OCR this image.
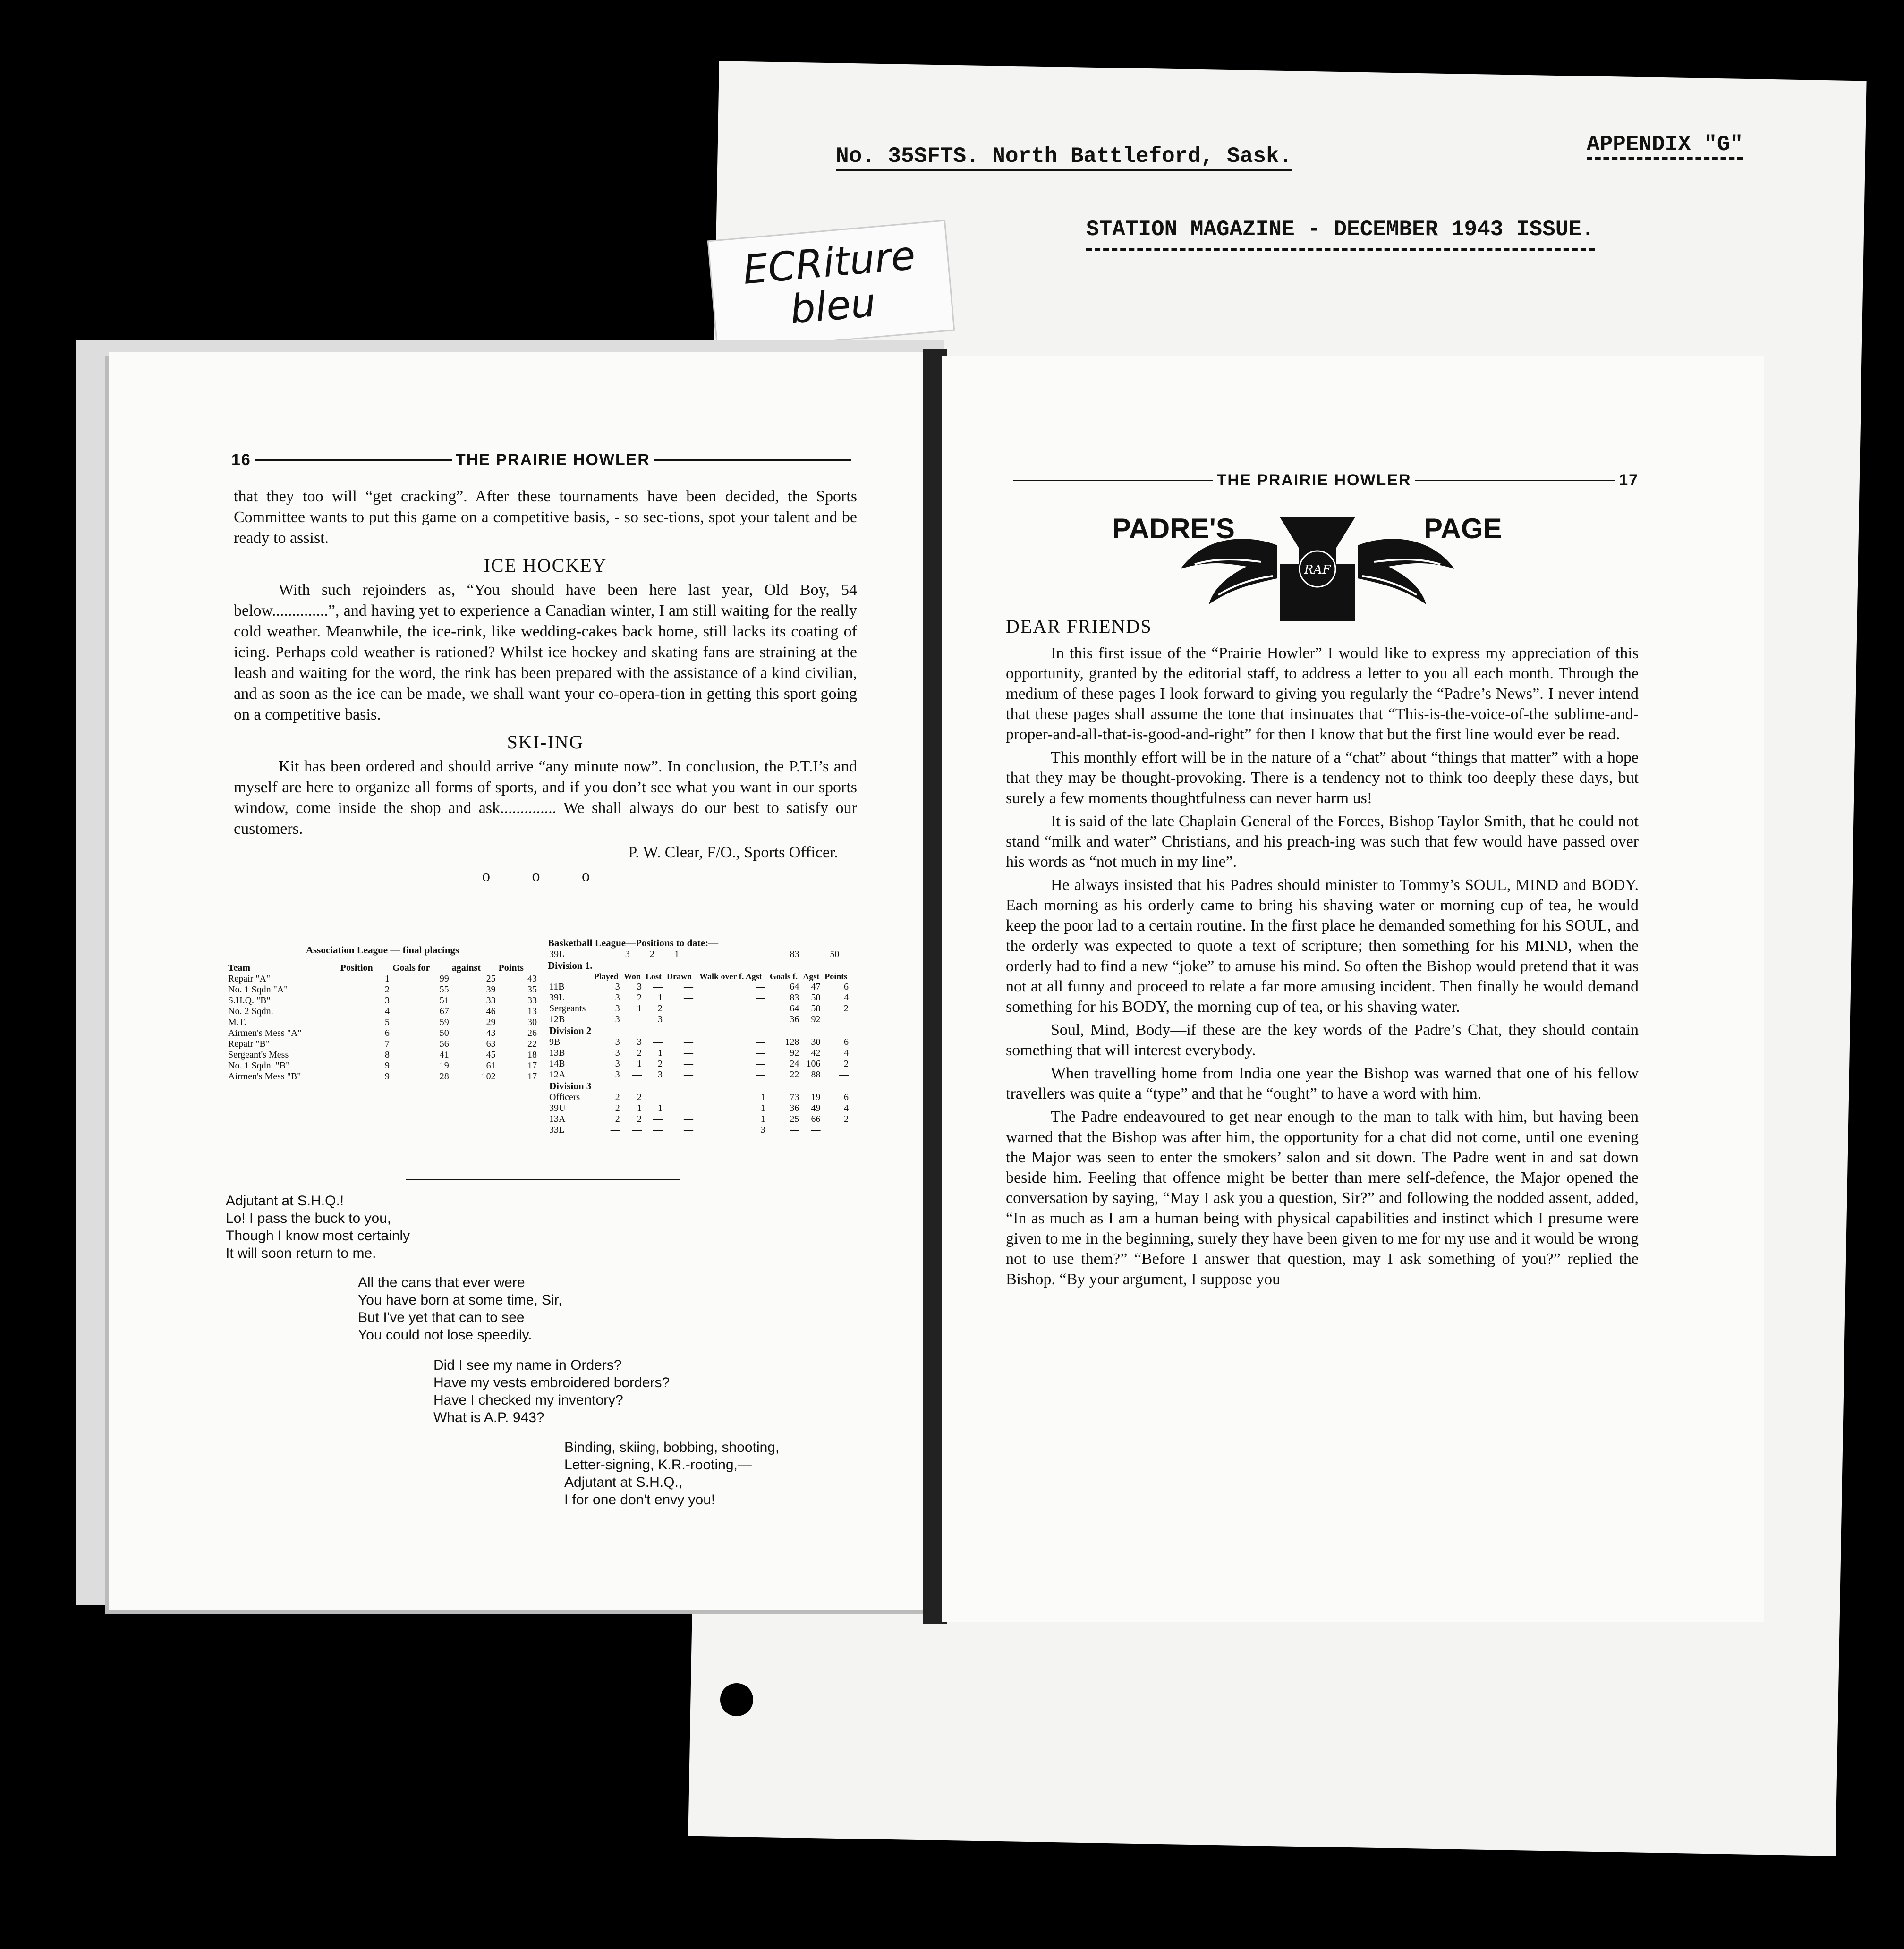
No. 35SFTS. North Battleford, Sask.	APPENDIX "G"
STATION MAGAZINE - DECEMBER 1943 ISSUE.
ECRiture
bleu
16	THE PRAIRIE HOWLER

that they too will “get cracking”. After these tournaments have been decided, the Sports Committee wants to put this game on a competitive basis, - so sec-tions, spot your talent and be ready to assist.

ICE HOCKEY

With such rejoinders as, “You should have been here last year, Old Boy, 54 below..............”, and having yet to experience a Canadian winter, I am still waiting for the really cold weather. Meanwhile, the ice-rink, like wedding-cakes back home, still lacks its coating of icing. Perhaps cold weather is rationed? Whilst ice hockey and skating fans are straining at the leash and waiting for the word, the rink has been prepared with the assistance of a kind civilian, and as soon as the ice can be made, we shall want your co-opera-tion in getting this sport going on a competitive basis.

SKI-ING

Kit has been ordered and should arrive “any minute now”. In conclusion, the P.T.I’s and myself are here to organize all forms of sports, and if you don’t see what you want in our sports window, come inside the shop and ask.............. We shall always do our best to satisfy our customers.

P. W. Clear, F/O., Sports Officer.
o o o
Association League — final placings
Team	Position	Goals for	against	Points
Repair "A"	1	99	25	43
No. 1 Sqdn "A"	2	55	39	35
S.H.Q. "B"	3	51	33	33
No. 2 Sqdn.	4	67	46	13
M.T.	5	59	29	30
Airmen's Mess "A"	6	50	43	26
Repair "B"	7	56	63	22
Sergeant's Mess	8	41	45	18
No. 1 Sqdn. "B"	9	19	61	17
Airmen's Mess "B"	9	28	102	17
Basketball League—Positions to date:—
39L	3	2	1	—	—	83	50	
Division 1.
	Played	Won	Lost	Drawn	Walk over f. Agst	Goals f.	Agst	Points
11B	3	3	—	—	—	64	47	6
39L	3	2	1	—	—	83	50	4
Sergeants	3	1	2	—	—	64	58	2
12B	3	—	3	—	—	36	92	—
Division 2								
9B	3	3	—	—	—	128	30	6
13B	3	2	1	—	—	92	42	4
14B	3	1	2	—	—	24	106	2
12A	3	—	3	—	—	22	88	—
Division 3								
Officers	2	2	—	—	1	73	19	6
39U	2	1	1	—	1	36	49	4
13A	2	2	—	—	1	25	66	2
33L	—	—	—	—	3	—	—	
Adjutant at S.H.Q.!
Lo! I pass the buck to you,
Though I know most certainly
It will soon return to me.
All the cans that ever were
You have born at some time, Sir,
But I've yet that can to see
You could not lose speedily.
Did I see my name in Orders?
Have my vests embroidered borders?
Have I checked my inventory?
What is A.P. 943?
Binding, skiing, bobbing, shooting,
Letter-signing, K.R.-rooting,—
Adjutant at S.H.Q.,
I for one don't envy you!
THE PRAIRIE HOWLER	17
PADRE'S	PAGE
RAF
DEAR FRIENDS

In this first issue of the “Prairie Howler” I would like to express my appreciation of this opportunity, granted by the editorial staff, to address a letter to you all each month. Through the medium of these pages I look forward to giving you regularly the “Padre’s News”. I never intend that these pages shall assume the tone that insinuates that “This-is-the-voice-of-the sublime-and-proper-and-all-that-is-good-and-right” for then I know that but the first line would ever be read.

This monthly effort will be in the nature of a “chat” about “things that matter” with a hope that they may be thought-provoking. There is a tendency not to think too deeply these days, but surely a few moments thoughtfulness can never harm us!

It is said of the late Chaplain General of the Forces, Bishop Taylor Smith, that he could not stand “milk and water” Christians, and his preach-ing was such that few would have passed over his words as “not much in my line”.

He always insisted that his Padres should minister to Tommy’s SOUL, MIND and BODY. Each morning as his orderly came to bring his shaving water or morning cup of tea, he would keep the poor lad to a certain routine. In the first place he demanded something for his SOUL, and the orderly was expected to quote a text of scripture; then something for his MIND, when the orderly had to find a new “joke” to amuse his mind. So often the Bishop would pretend that it was not at all funny and proceed to relate a far more amusing incident. Then finally he would demand something for his BODY, the morning cup of tea, or his shaving water.

Soul, Mind, Body—if these are the key words of the Padre’s Chat, they should contain something that will interest everybody.

When travelling home from India one year the Bishop was warned that one of his fellow travellers was quite a “type” and that he “ought” to have a word with him.

The Padre endeavoured to get near enough to the man to talk with him, but having been warned that the Bishop was after him, the opportunity for a chat did not come, until one evening the Major was seen to enter the smokers’ salon and sit down. The Padre went in and sat down beside him. Feeling that offence might be better than mere self-defence, the Major opened the conversation by saying, “May I ask you a question, Sir?” and following the nodded assent, added, “In as much as I am a human being with physical capabilities and instinct which I presume were given to me in the beginning, surely they have been given to me for my use and it would be wrong not to use them?” “Before I answer that question, may I ask something of you?” replied the Bishop. “By your argument, I suppose you
